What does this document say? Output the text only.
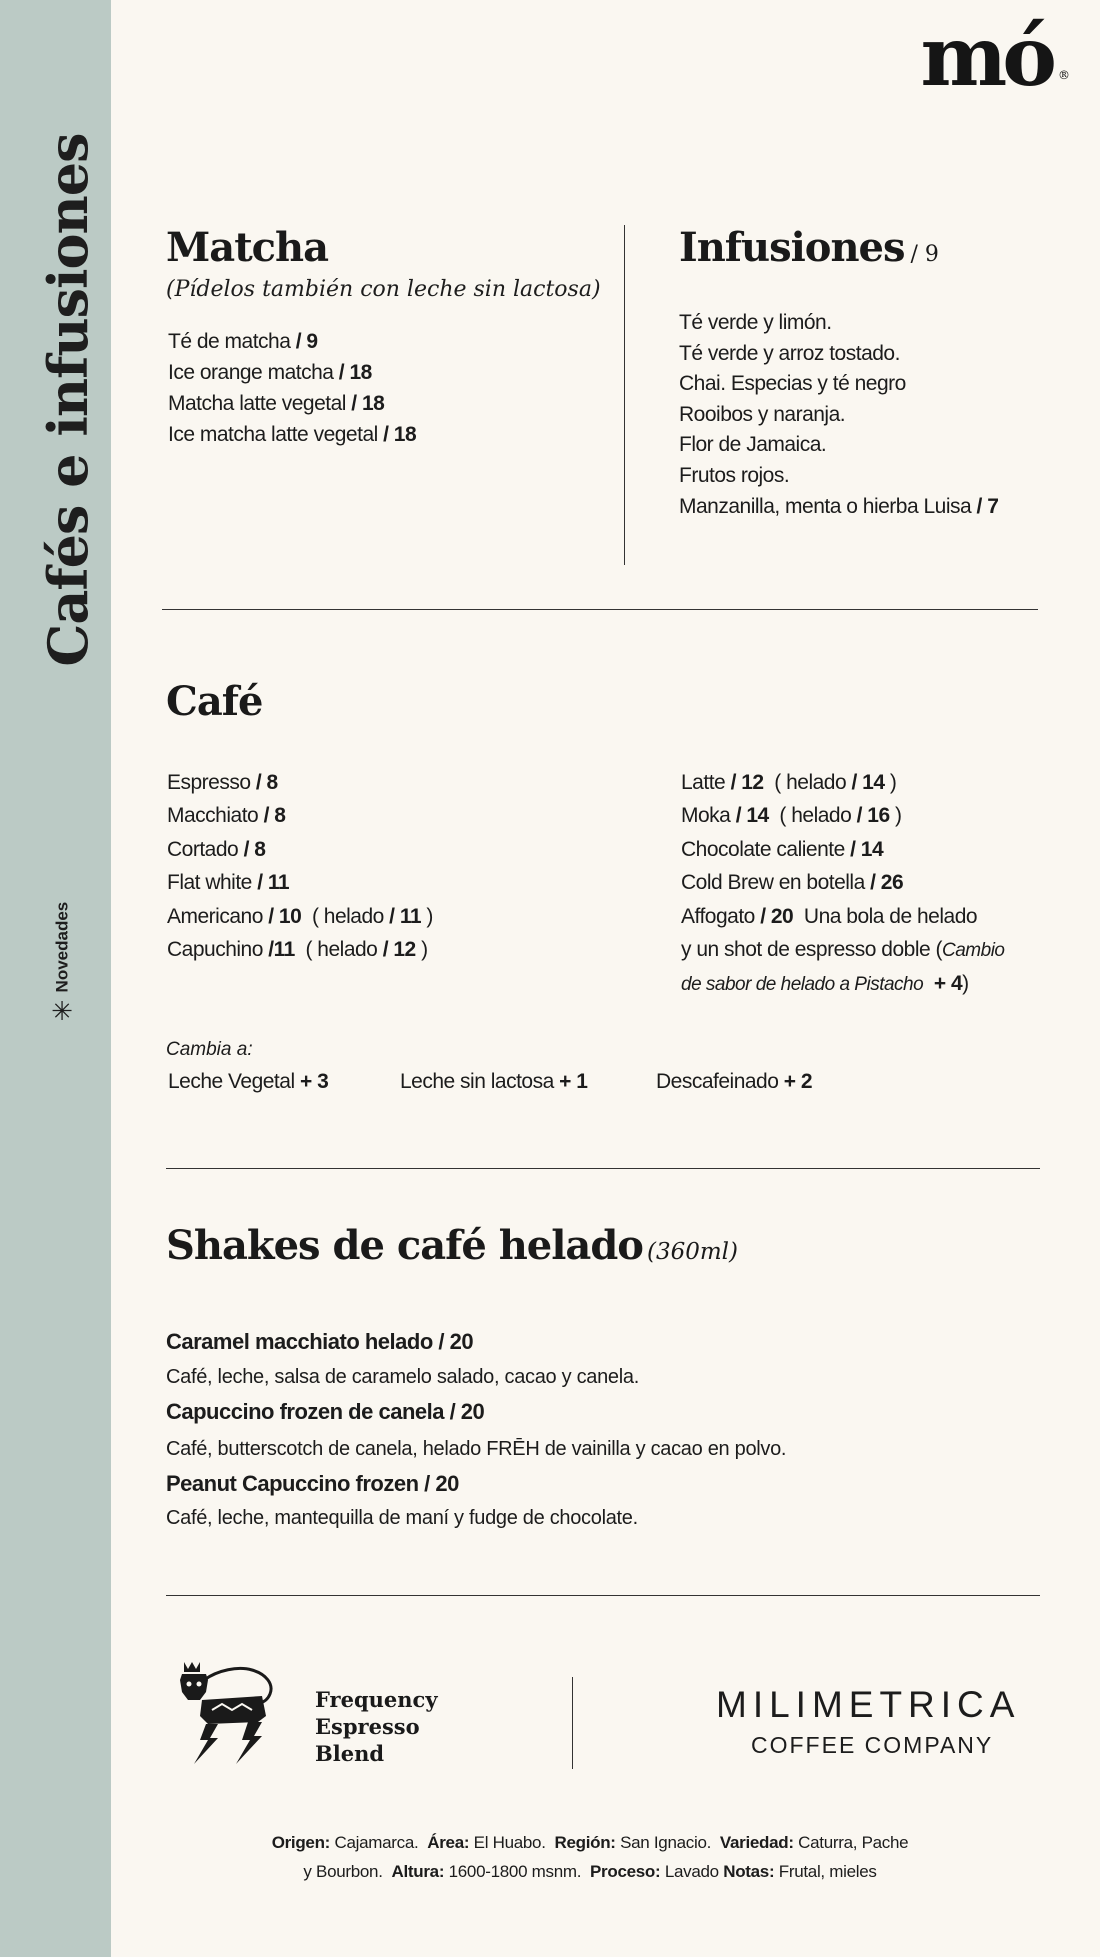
Cafés e infusiones
✳
Novedades
mó ®
Matcha
(Pídelos también con leche sin lactosa)
Té de matcha / 9
Ice orange matcha / 18
Matcha latte vegetal / 18
Ice matcha latte vegetal / 18
Infusiones / 9
Té verde y limón.
Té verde y arroz tostado.
Chai. Especias y té negro
Rooibos y naranja.
Flor de Jamaica.
Frutos rojos.
Manzanilla, menta o hierba Luisa / 7
Café
Espresso / 8
Macchiato / 8
Cortado / 8
Flat white / 11
Americano / 10 ( helado / 11 )
Capuchino /11 ( helado / 12 )
Latte / 12 ( helado / 14 )
Moka / 14 ( helado / 16 )
Chocolate caliente / 14
Cold Brew en botella / 26
Affogato / 20 Una bola de helado
y un shot de espresso doble (Cambio
de sabor de helado a Pistacho + 4)
Cambia a:
Leche Vegetal + 3	Leche sin lactosa + 1	Descafeinado + 2
Shakes de café helado (360ml)
Caramel macchiato helado / 20
Café, leche, salsa de caramelo salado, cacao y canela.
Capuccino frozen de canela / 20
Café, butterscotch de canela, helado FRĒH de vainilla y cacao en polvo.
Peanut Capuccino frozen / 20
Café, leche, mantequilla de maní y fudge de chocolate.
Frequency
Espresso
Blend
MILIMETRICA
COFFEE COMPANY
Origen: Cajamarca. Área: El Huabo. Región: San Ignacio. Variedad: Caturra, Pache
y Bourbon. Altura: 1600-1800 msnm. Proceso: Lavado Notas: Frutal, mieles
